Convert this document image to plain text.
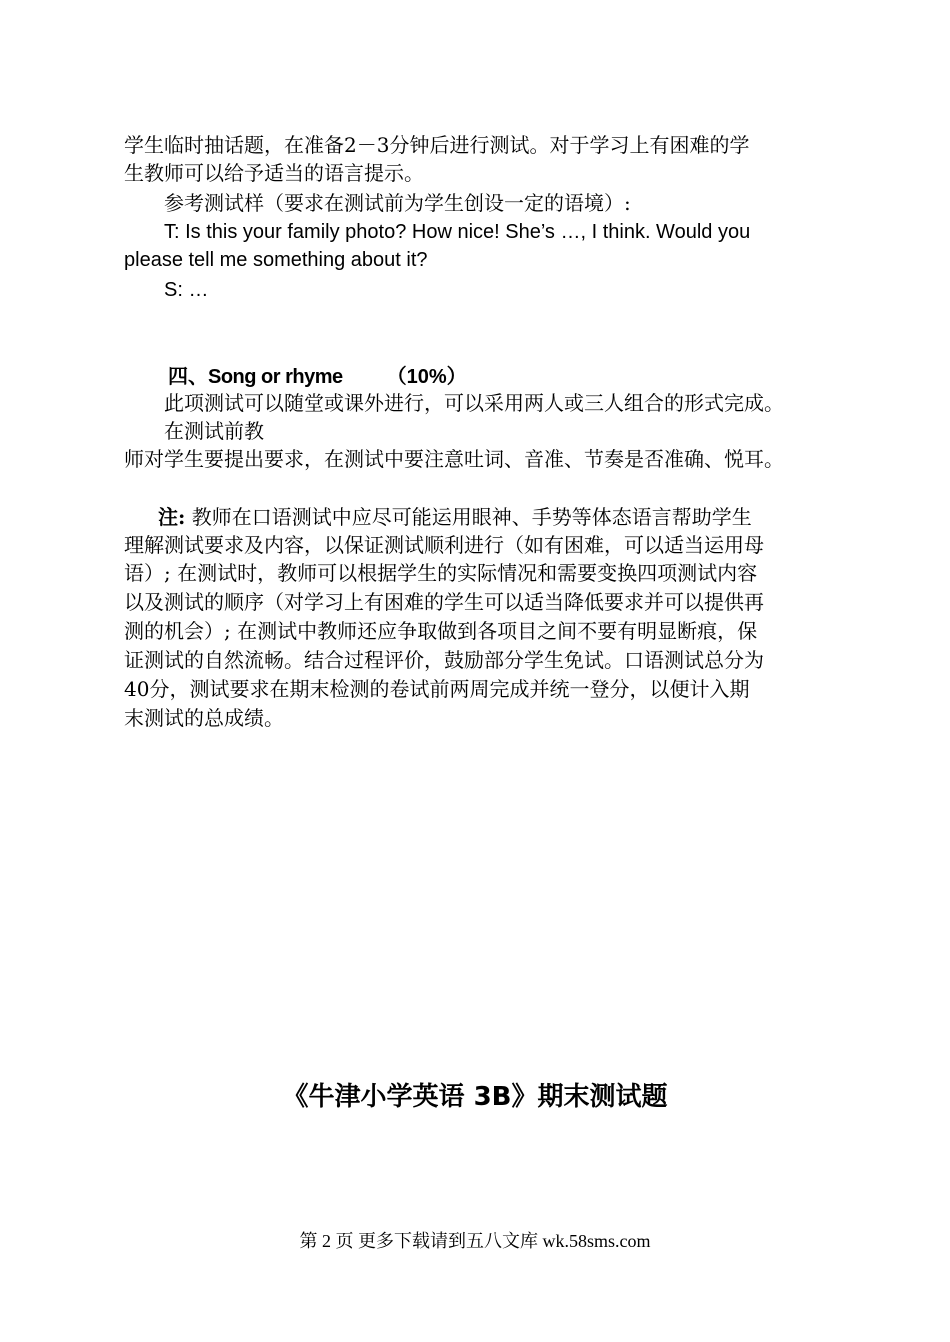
学生临时抽话题，在准备2－3分钟后进行测试。对于学习上有困难的学
生教师可以给予适当的语言提示。
参考测试样（要求在测试前为学生创设一定的语境）:
T: Is this your family photo? How nice! She’s …, I think. Would you
please tell me something about it?
S: …
四、Song or rhyme （10%）
此项测试可以随堂或课外进行，可以采用两人或三人组合的形式完成。
在测试前教
师对学生要提出要求，在测试中要注意吐词、音准、节奏是否准确、悦耳。
注: 教师在口语测试中应尽可能运用眼神、手势等体态语言帮助学生
理解测试要求及内容，以保证测试顺利进行（如有困难，可以适当运用母
语）; 在测试时，教师可以根据学生的实际情况和需要变换四项测试内容
以及测试的顺序（对学习上有困难的学生可以适当降低要求并可以提供再
测的机会）; 在测试中教师还应争取做到各项目之间不要有明显断痕，保
证测试的自然流畅。结合过程评价，鼓励部分学生免试。口语测试总分为
40分，测试要求在期末检测的卷试前两周完成并统一登分，以便计入期
末测试的总成绩。
《牛津小学英语 3B》期末测试题
第 2 页 更多下载请到五八文库 wk.58sms.com
